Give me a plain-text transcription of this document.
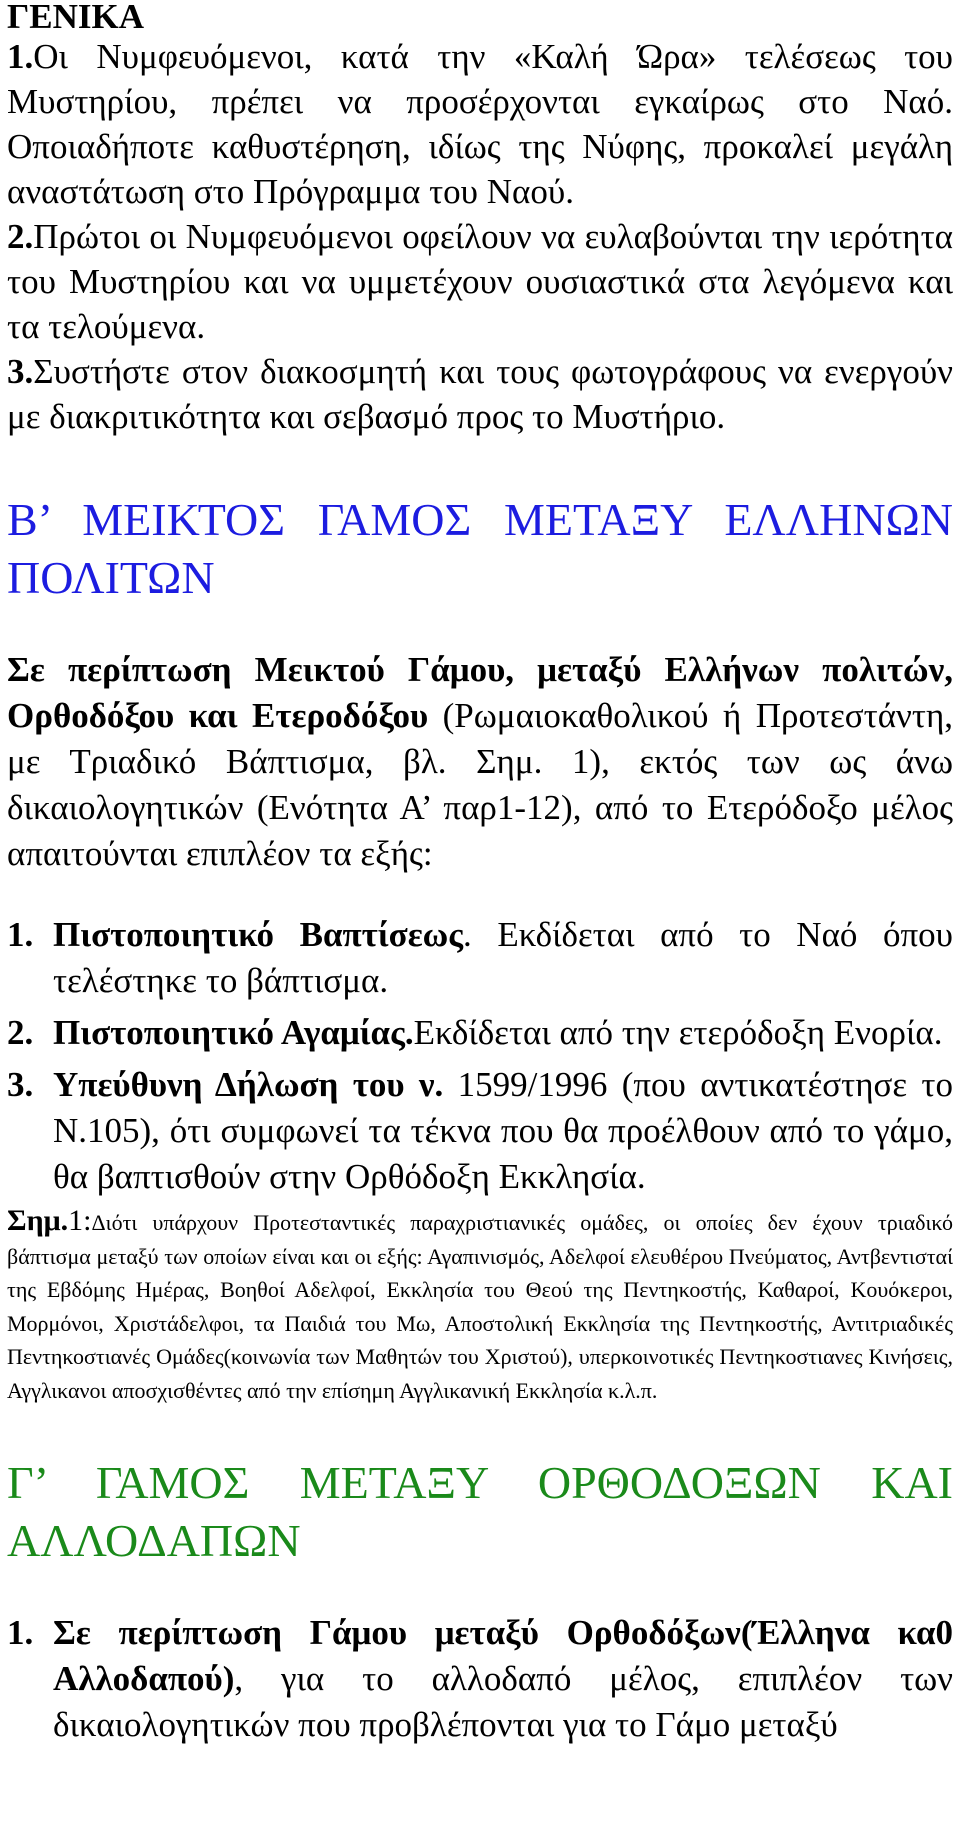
ΓΕΝΙΚΑ

1.Οι Νυμφευόμενοι, κατά την «Καλή Ώρα» τελέσεως του Μυστηρίου, πρέπει να προσέρχονται εγκαίρως στο Ναό. Οποιαδήποτε καθυστέρηση, ιδίως της Νύφης, προκαλεί μεγάλη αναστάτωση στο Πρόγραμμα του Ναού.

2.Πρώτοι οι Νυμφευόμενοι οφείλουν να ευλαβούνται την ιερότητα του Μυστηρίου και να υμμετέχουν ουσιαστικά στα λεγόμενα και τα τελούμενα.

3.Συστήστε στον διακοσμητή και τους φωτογράφους να ενεργούν με διακριτικότητα και σεβασμό προς το Μυστήριο.

Β’ ΜΕΙΚΤΟΣ ΓΑΜΟΣ ΜΕΤΑΞΥ ΕΛΛΗΝΩΝ ΠΟΛΙΤΩΝ

Σε περίπτωση Μεικτού Γάμου, μεταξύ Ελλήνων πολιτών, Ορθοδόξου και Ετεροδόξου (Ρωμαιοκαθολικού ή Προτεστάντη, με Τριαδικό Βάπτισμα, βλ. Σημ. 1), εκτός των ως άνω δικαιολογητικών (Ενότητα Α’ παρ1-12), από το Ετερόδοξο μέλος απαιτούνται επιπλέον τα εξής:

1. Πιστοποιητικό Βαπτίσεως. Εκδίδεται από το Ναό όπου τελέστηκε το βάπτισμα.
2. Πιστοποιητικό Αγαμίας.Εκδίδεται από την ετερόδοξη Ενορία.
3. Υπεύθυνη Δήλωση του ν. 1599/1996 (που αντικατέστησε το Ν.105), ότι συμφωνεί τα τέκνα που θα προέλθουν από το γάμο, θα βαπτισθούν στην Ορθόδοξη Εκκλησία.

Σημ.1:Διότι υπάρχουν Προτεσταντικές παραχριστιανικές ομάδες, οι οποίες δεν έχουν τριαδικό βάπτισμα μεταξύ των οποίων είναι και οι εξής: Αγαπινισμός, Αδελφοί ελευθέρου Πνεύματος, Αντβεντισταί της Εβδόμης Ημέρας, Βοηθοί Αδελφοί, Εκκλησία του Θεού της Πεντηκοστής, Καθαροί, Κουόκεροι, Μορμόνοι, Χριστάδελφοι, τα Παιδιά του Μω, Αποστολική Εκκλησία της Πεντηκοστής, Αντιτριαδικές Πεντηκοστιανές Ομάδες(κοινωνία των Μαθητών του Χριστού), υπερκοινοτικές Πεντηκοστιανες Κινήσεις, Αγγλικανοι αποσχισθέντες από την επίσημη Αγγλικανική Εκκλησία κ.λ.π.

Γ’ ΓΑΜΟΣ ΜΕΤΑΞΥ ΟΡΘΟΔΟΞΩΝ ΚΑΙ ΑΛΛΟΔΑΠΩΝ
1. Σε περίπτωση Γάμου μεταξύ Ορθοδόξων(Έλληνα κα0 Αλλοδαπού), για το αλλοδαπό μέλος, επιπλέον των δικαιολογητικών που προβλέπονται για το Γάμο μεταξύ
